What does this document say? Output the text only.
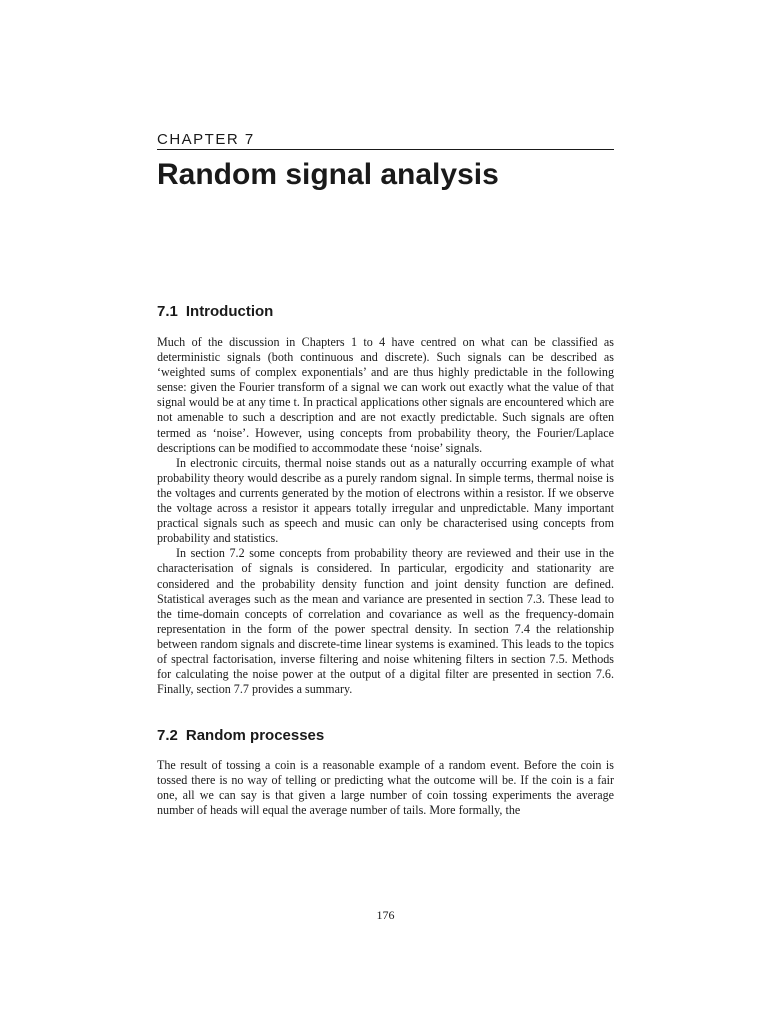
CHAPTER 7
Random signal analysis
7.1 Introduction

Much of the discussion in Chapters 1 to 4 have centred on what can be classified as deterministic signals (both continuous and discrete). Such signals can be described as ‘weighted sums of complex exponentials’ and are thus highly predictable in the following sense: given the Fourier transform of a signal we can work out exactly what the value of that signal would be at any time t. In practical applications other signals are encountered which are not amenable to such a description and are not exactly predictable. Such signals are often termed as ‘noise’. However, using concepts from probability theory, the Fourier/Laplace descriptions can be modified to accommodate these ‘noise’ signals.

In electronic circuits, thermal noise stands out as a naturally occurring example of what probability theory would describe as a purely random signal. In simple terms, thermal noise is the voltages and currents generated by the motion of electrons within a resistor. If we observe the voltage across a resistor it appears totally irregular and unpredictable. Many important practical signals such as speech and music can only be characterised using concepts from probability and statistics.

In section 7.2 some concepts from probability theory are reviewed and their use in the characterisation of signals is considered. In particular, ergodicity and stationarity are considered and the probability density function and joint density function are defined. Statistical averages such as the mean and variance are presented in section 7.3. These lead to the time-domain concepts of correlation and covariance as well as the frequency-domain representation in the form of the power spectral density. In section 7.4 the relationship between random signals and discrete-time linear systems is examined. This leads to the topics of spectral factorisation, inverse filtering and noise whitening filters in section 7.5. Methods for calculating the noise power at the output of a digital filter are presented in section 7.6. Finally, section 7.7 provides a summary.

7.2 Random processes

The result of tossing a coin is a reasonable example of a random event. Before the coin is tossed there is no way of telling or predicting what the outcome will be. If the coin is a fair one, all we can say is that given a large number of coin tossing experiments the average number of heads will equal the average number of tails. More formally, the

176
